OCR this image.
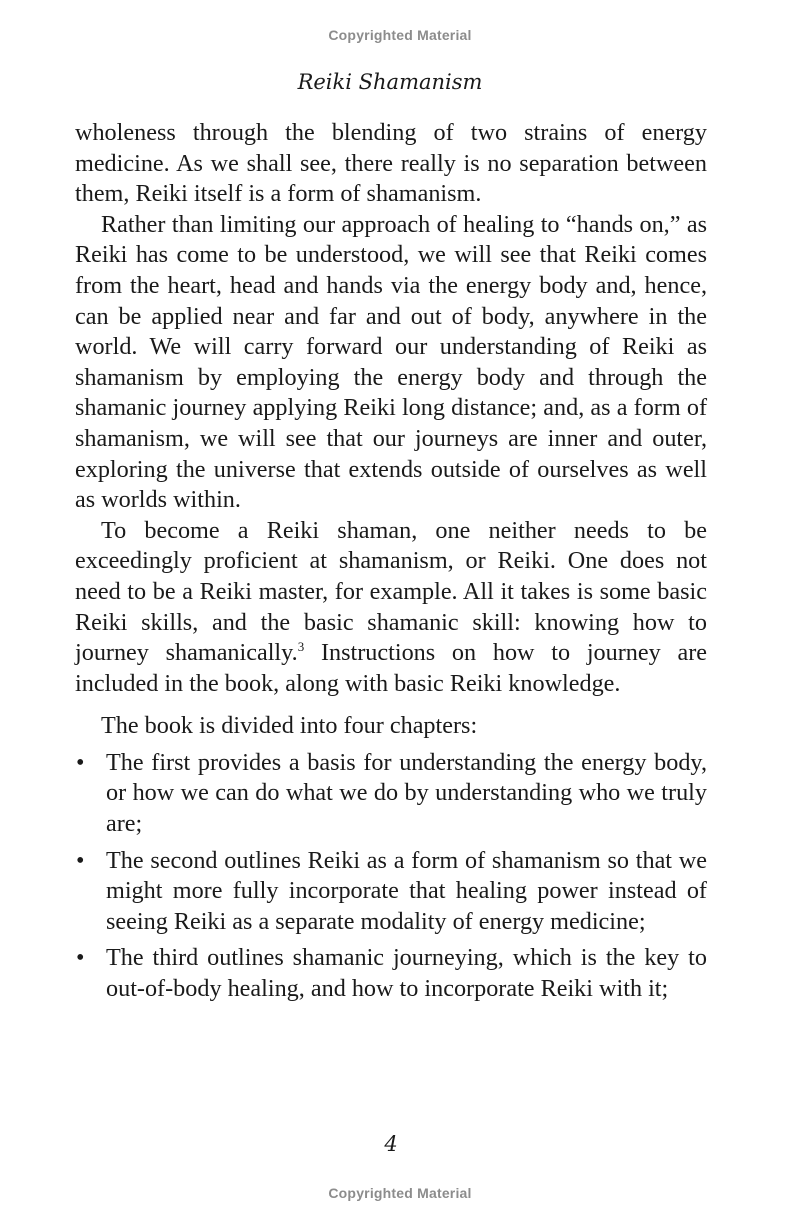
Copyrighted Material
Reiki Shamanism

wholeness through the blending of two strains of energy medicine. As we shall see, there really is no separation between them, Reiki itself is a form of shamanism.

Rather than limiting our approach of healing to “hands on,” as Reiki has come to be understood, we will see that Reiki comes from the heart, head and hands via the energy body and, hence, can be applied near and far and out of body, anywhere in the world. We will carry forward our understanding of Reiki as shamanism by employing the energy body and through the shamanic journey applying Reiki long distance; and, as a form of shamanism, we will see that our journeys are inner and outer, exploring the universe that extends outside of ourselves as well as worlds within.

To become a Reiki shaman, one neither needs to be exceedingly proficient at shamanism, or Reiki. One does not need to be a Reiki master, for example. All it takes is some basic Reiki skills, and the basic shamanic skill: knowing how to journey shamanically.$^3$ Instructions on how to journey are included in the book, along with basic Reiki knowledge.

The book is divided into four chapters:

• The first provides a basis for understanding the energy body, or how we can do what we do by understanding who we truly are;
• The second outlines Reiki as a form of shamanism so that we might more fully incorporate that healing power instead of seeing Reiki as a separate modality of energy medicine;
• The third outlines shamanic journeying, which is the key to out-of-body healing, and how to incorporate Reiki with it;
4
Copyrighted Material
